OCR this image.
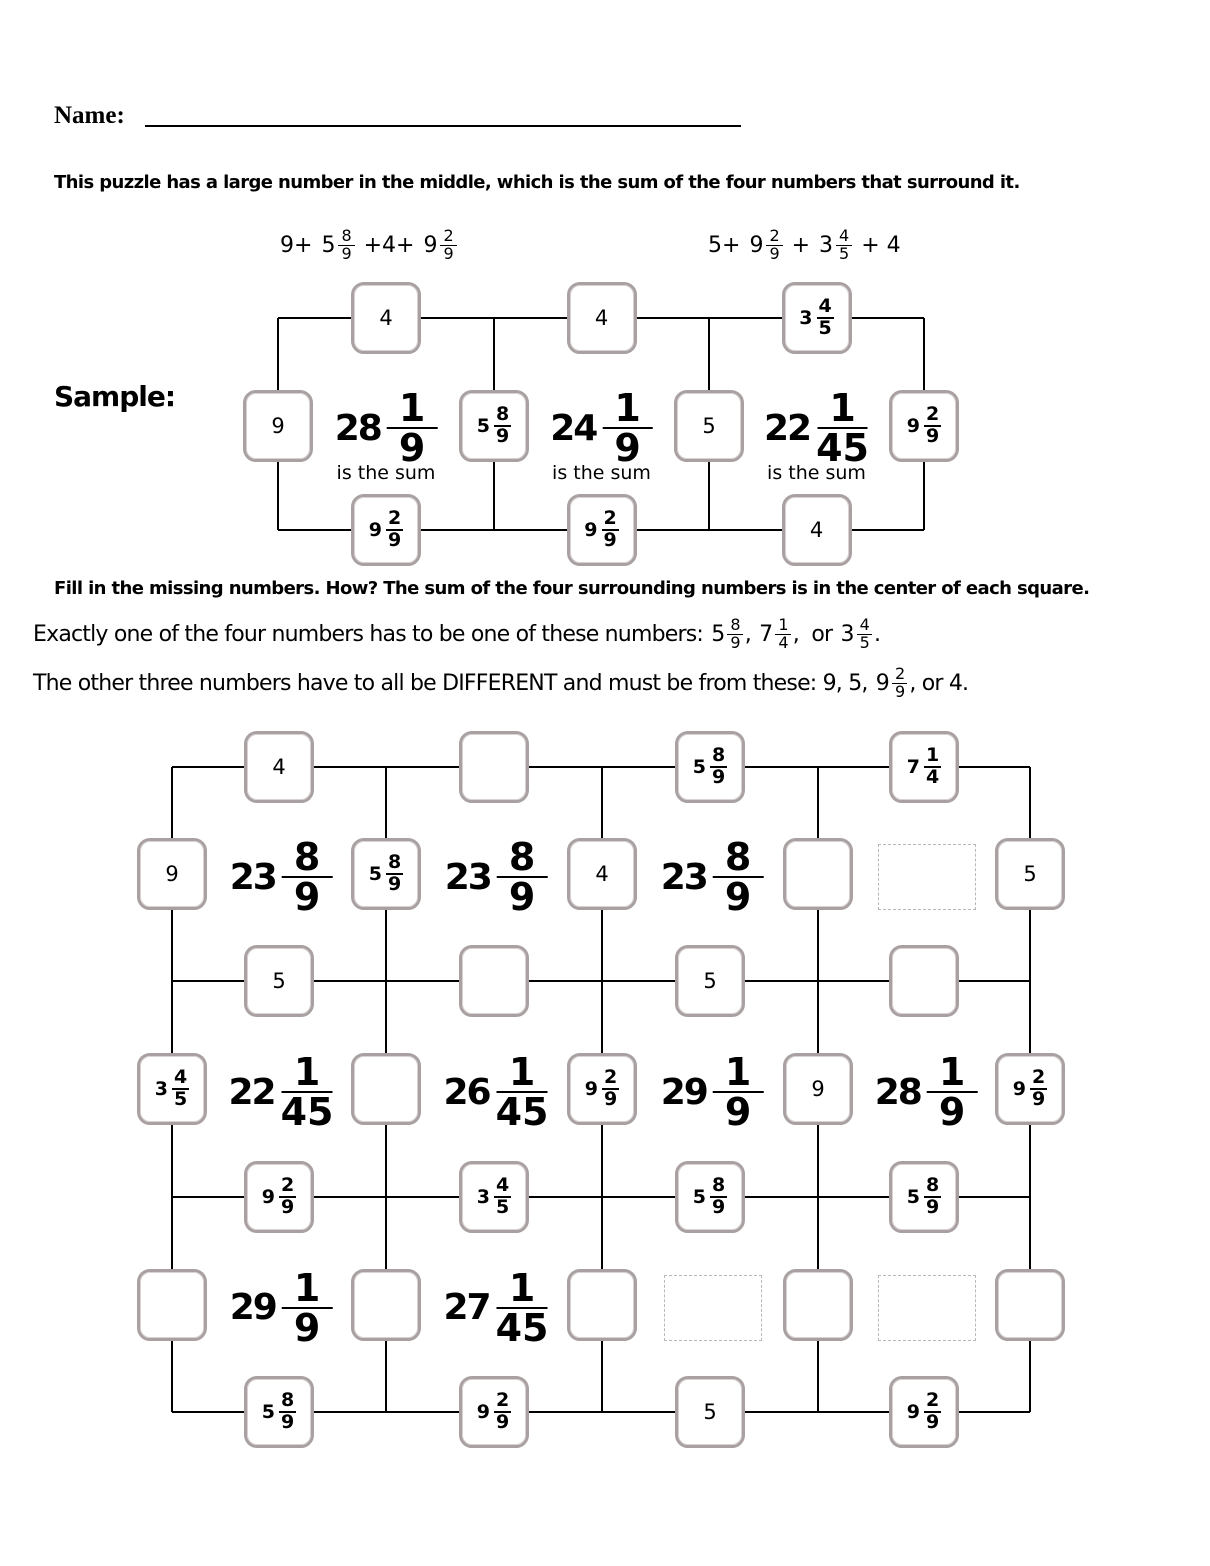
Name:
This puzzle has a large number in the middle, which is the sum of the four numbers that surround it.
Sample:
Fill in the missing numbers. How? The sum of the four surrounding numbers is in the center of each square.
Exactly one of the four numbers has to be one of these numbers: $5 \frac{8}{9}$ , $7 \frac{1}{4}$ ,  or $3 \frac{4}{5}$ .
The other three numbers have to all be DIFFERENT and must be from these: 9, 5, $9 \frac{2}{9}$ , or 4.
$9+ 5 \frac{8}{9} +4+ 9 \frac{2}{9}$	$5+ 9 \frac{2}{9} + 3 \frac{4}{5} + 4$
4
$9 \frac{2}{9}$
$28 \frac{1}{9}$
is the sum
4
$9 \frac{2}{9}$
$24 \frac{1}{9}$
is the sum
$3 \frac{4}{5}$
4
$22 \frac{1}{45}$
is the sum
9	$5 \frac{8}{9}$	5	$9 \frac{2}{9}$
4	$5 \frac{8}{9}$	$7 \frac{1}{4}$
5	5
$9 \frac{2}{9}$	$3 \frac{4}{5}$	$5 \frac{8}{9}$	$5 \frac{8}{9}$
$5 \frac{8}{9}$	$9 \frac{2}{9}$	5	$9 \frac{2}{9}$
9	$5 \frac{8}{9}$	4	5
$3 \frac{4}{5}$	$9 \frac{2}{9}$	9	$9 \frac{2}{9}$
$23 \frac{8}{9}$	$23 \frac{8}{9}$	$23 \frac{8}{9}$
$22 \frac{1}{45}$	$26 \frac{1}{45}$	$29 \frac{1}{9}$	$28 \frac{1}{9}$
$29 \frac{1}{9}$	$27 \frac{1}{45}$
